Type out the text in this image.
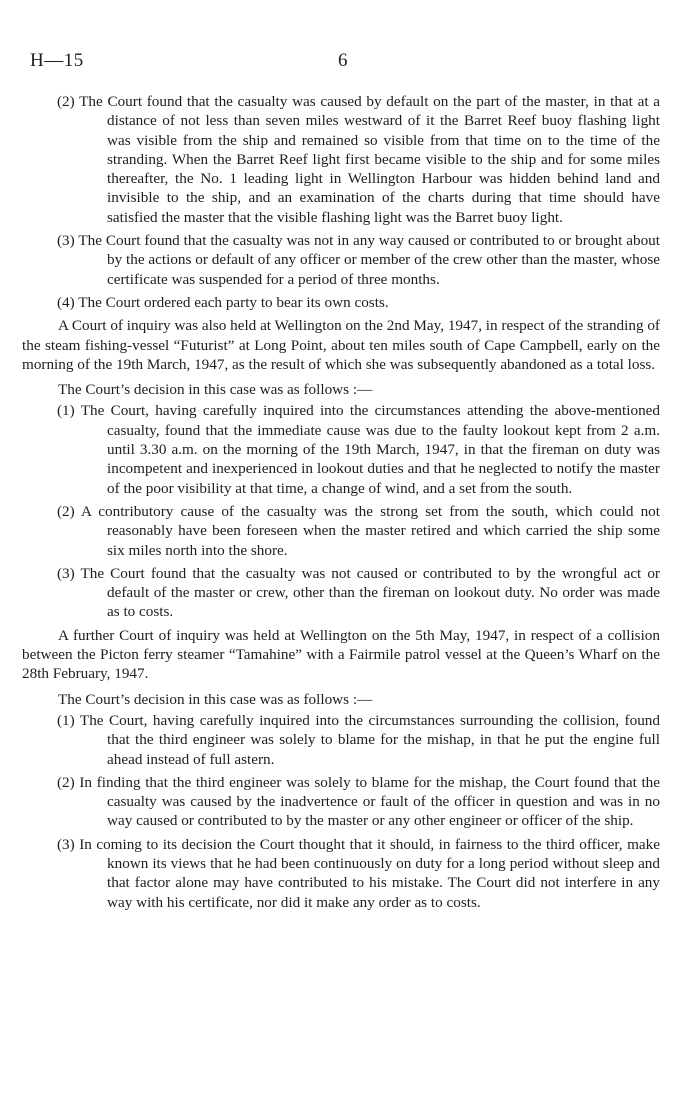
H—15	6

(2) The Court found that the casualty was caused by default on the part of the master, in that at a distance of not less than seven miles westward of it the Barret Reef buoy flashing light was visible from the ship and remained so visible from that time on to the time of the stranding. When the Barret Reef light first became visible to the ship and for some miles thereafter, the No. 1 leading light in Wellington Harbour was hidden behind land and invisible to the ship, and an examination of the charts during that time should have satisfied the master that the visible flashing light was the Barret buoy light.

(3) The Court found that the casualty was not in any way caused or contributed to or brought about by the actions or default of any officer or member of the crew other than the master, whose certificate was suspended for a period of three months.

(4) The Court ordered each party to bear its own costs.

A Court of inquiry was also held at Wellington on the 2nd May, 1947, in respect of the stranding of the steam fishing-vessel “Futurist” at Long Point, about ten miles south of Cape Campbell, early on the morning of the 19th March, 1947, as the result of which she was subsequently abandoned as a total loss.

The Court’s decision in this case was as follows :—

(1) The Court, having carefully inquired into the circumstances attending the above-mentioned casualty, found that the immediate cause was due to the faulty lookout kept from 2 a.m. until 3.30 a.m. on the morning of the 19th March, 1947, in that the fireman on duty was incompetent and inexperienced in lookout duties and that he neglected to notify the master of the poor visibility at that time, a change of wind, and a set from the south.

(2) A contributory cause of the casualty was the strong set from the south, which could not reasonably have been foreseen when the master retired and which carried the ship some six miles north into the shore.

(3) The Court found that the casualty was not caused or contributed to by the wrongful act or default of the master or crew, other than the fireman on lookout duty. No order was made as to costs.

A further Court of inquiry was held at Wellington on the 5th May, 1947, in respect of a collision between the Picton ferry steamer “Tamahine” with a Fairmile patrol vessel at the Queen’s Wharf on the 28th February, 1947.

The Court’s decision in this case was as follows :—

(1) The Court, having carefully inquired into the circumstances surrounding the collision, found that the third engineer was solely to blame for the mishap, in that he put the engine full ahead instead of full astern.

(2) In finding that the third engineer was solely to blame for the mishap, the Court found that the casualty was caused by the inadvertence or fault of the officer in question and was in no way caused or contributed to by the master or any other engineer or officer of the ship.

(3) In coming to its decision the Court thought that it should, in fairness to the third officer, make known its views that he had been continuously on duty for a long period without sleep and that factor alone may have contributed to his mistake. The Court did not interfere in any way with his certificate, nor did it make any order as to costs.
